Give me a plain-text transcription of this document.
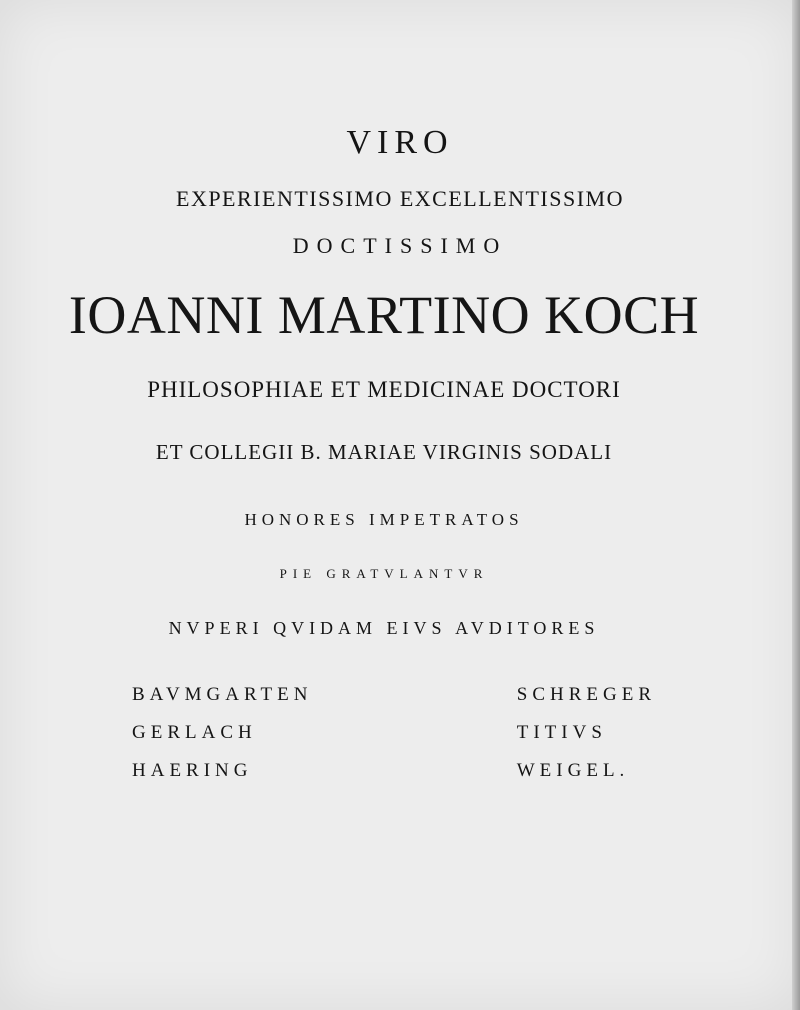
VIRO
EXPERIENTISSIMO EXCELLENTISSIMO
DOCTISSIMO
IOANNI MARTINO KOCH
PHILOSOPHIAE ET MEDICINAE DOCTORI
ET COLLEGII B. MARIAE VIRGINIS SODALI
HONORES IMPETRATOS
PIE GRATVLANTVR
NVPERI QVIDAM EIVS AVDITORES
BAVMGARTEN
GERLACH
HAERING
SCHREGER
TITIVS
WEIGEL.
